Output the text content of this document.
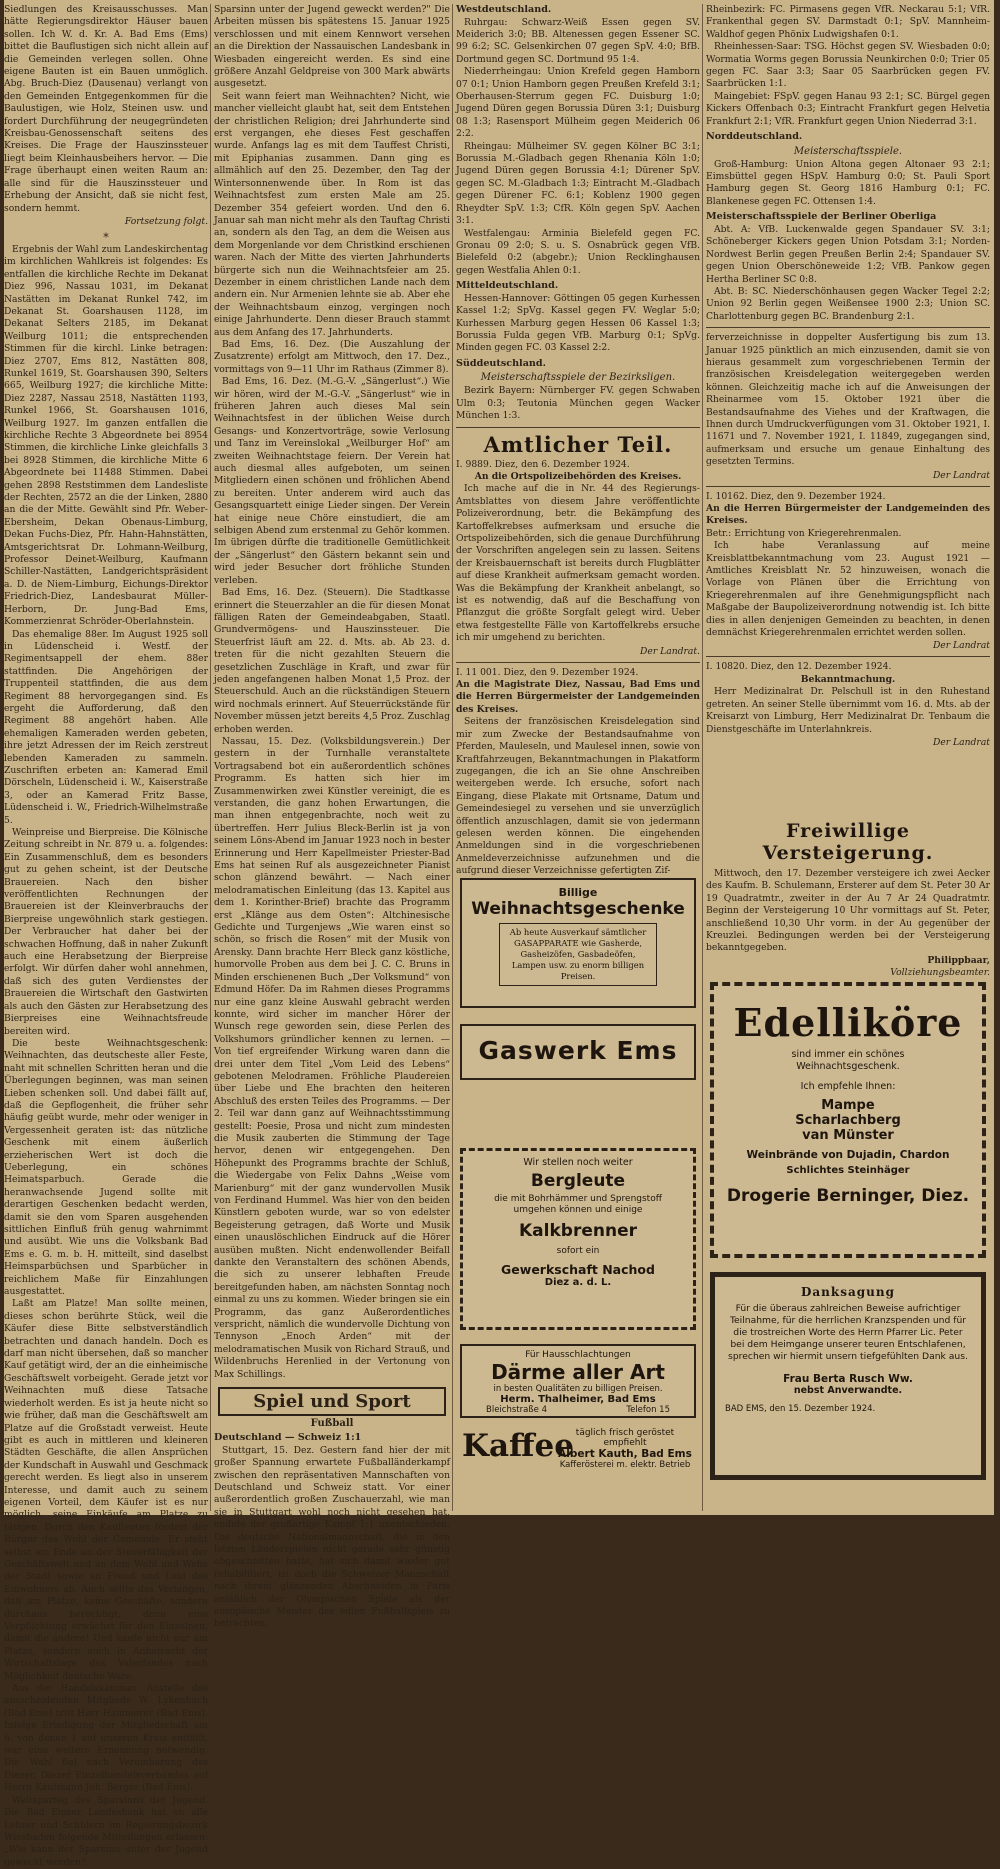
Siedlungen des Kreisausschusses. Man hätte Regierungsdirektor Häuser bauen sollen. Ich W. d. Kr. A. Bad Ems (Ems) bittet die Bauflustigen sich nicht allein auf die Gemeinden verlegen sollen. Ohne eigene Bauten ist ein Bauen unmöglich. Abg. Bruch-Diez (Dausenau) verlangt von den Gemeinden Entgegenkommen für die Baulustigen, wie Holz, Steinen usw. und fordert Durchführung der neugegründeten Kreisbau-Genossenschaft seitens des Kreises. Die Frage der Hauszinssteuer liegt beim Kleinhausbeihers hervor. — Die Frage überhaupt einen weiten Raum an: alle sind für die Hauszinssteuer und Erhebung der Ansicht, daß sie nicht fest, sondern hemmt.

Fortsetzung folgt.
*

Ergebnis der Wahl zum Landeskirchentag im kirchlichen Wahlkreis ist folgendes: Es entfallen die kirchliche Rechte im Dekanat Diez 996, Nassau 1031, im Dekanat Nastätten im Dekanat Runkel 742, im Dekanat St. Goarshausen 1128, im Dekanat Selters 2185, im Dekanat Weilburg 1011; die entsprechenden Stimmen für die kirchl. Linke betragen: Diez 2707, Ems 812, Nastätten 808, Runkel 1619, St. Goarshausen 390, Selters 665, Weilburg 1927; die kirchliche Mitte: Diez 2287, Nassau 2518, Nastätten 1193, Runkel 1966, St. Goarshausen 1016, Weilburg 1927. Im ganzen entfallen die kirchliche Rechte 3 Abgeordnete bei 8954 Stimmen, die kirchliche Linke gleichfalls 3 bei 8928 Stimmen, die kirchliche Mitte 6 Abgeordnete bei 11488 Stimmen. Dabei gehen 2898 Reststimmen dem Landesliste der Rechten, 2572 an die der Linken, 2880 an die der Mitte. Gewählt sind Pfr. Weber-Ebersheim, Dekan Obenaus-Limburg, Dekan Fuchs-Diez, Pfr. Hahn-Hahnstätten, Amtsgerichtsrat Dr. Lohmann-Weilburg, Professor Deinet-Weilburg, Kaufmann Schiller-Nastätten, Landgerichtspräsident a. D. de Niem-Limburg, Eichungs-Direktor Friedrich-Diez, Landesbaurat Müller-Herborn, Dr. Jung-Bad Ems, Kommerzienrat Schröder-Oberlahnstein.

Das ehemalige 88er. Im August 1925 soll in Lüdenscheid i. Westf. der Regimentsappell der ehem. 88er stattfinden. Die Angehörigen der Truppenteil stattfinden, die aus dem Regiment 88 hervorgegangen sind. Es ergeht die Aufforderung, daß den Regiment 88 angehört haben. Alle ehemaligen Kameraden werden gebeten, ihre jetzt Adressen der im Reich zerstreut lebenden Kameraden zu sammeln. Zuschriften erbeten an: Kamerad Emil Dörscheln, Lüdenscheid i. W., Kaiserstraße 3, oder an Kamerad Fritz Basse, Lüdenscheid i. W., Friedrich-Wilhelmstraße 5.

Weinpreise und Bierpreise. Die Kölnische Zeitung schreibt in Nr. 879 u. a. folgendes: Ein Zusammenschluß, dem es besonders gut zu gehen scheint, ist der Deutsche Brauereien. Nach den bisher veröffentlichten Rechnungen der Brauereien ist der Kleinverbrauchs der Bierpreise ungewöhnlich stark gestiegen. Der Verbraucher hat daher bei der schwachen Hoffnung, daß in naher Zukunft auch eine Herabsetzung der Bierpreise erfolgt. Wir dürfen daher wohl annehmen, daß sich des guten Verdienstes der Brauereien die Wirtschaft den Gastwirten als auch den Gästen zur Herabsetzung des Bierpreises eine Weihnachtsfreude bereiten wird.

Die beste Weihnachtsgeschenk: Weihnachten, das deutscheste aller Feste, naht mit schnellen Schritten heran und die Überlegungen beginnen, was man seinen Lieben schenken soll. Und dabei fällt auf, daß die Gepflogenheit, die früher sehr häufig geübt wurde, mehr oder weniger in Vergessenheit geraten ist: das nützliche Geschenk mit einem äußerlich erzieherischen Wert ist doch die Ueberlegung, ein schönes Heimatsparbuch. Gerade die heranwachsende Jugend sollte mit derartigen Geschenken bedacht werden, damit sie den vom Sparen ausgehenden sittlichen Einfluß früh genug wahrnimmt und ausübt. Wie uns die Volksbank Bad Ems e. G. m. b. H. mitteilt, sind daselbst Heimsparbüchsen und Sparbücher in reichlichem Maße für Einzahlungen ausgestattet.

Laßt am Platze! Man sollte meinen, dieses schon berührte Stück, weil die Käufer diese Bitte selbstverständlich betrachten und danach handeln. Doch es darf man nicht übersehen, daß so mancher Kauf getätigt wird, der an die einheimische Geschäftswelt vorbeigeht. Gerade jetzt vor Weihnachten muß diese Tatsache wiederholt werden. Es ist ja heute nicht so wie früher, daß man die Geschäftswelt am Platze auf die Großstadt verweist. Heute gibt es auch in mittleren und kleineren Städten Geschäfte, die allen Ansprüchen der Kundschaft in Auswahl und Geschmack gerecht werden. Es liegt also in unserem Interesse, und damit auch zu seinem eigenen Vorteil, dem Käufer ist es nur möglich, seine Einkäufe am Platze zu tätigen. Durch den Kaufleuten fördert der Bürger das Wohl der Gemeinde. Er steht selbst am Ende an der Steuerfähigkeit der Geschäftswelt und an dem Wohl und Wehe der Stadt sowie an Freud und Leid des Einwohners ab. Auch sollte das Verlangen, daß am Platze, keine Geschäfte, sondern durchaus berechtigt, denn eine Verpflichtung erwächst für den Einzelnen, damit die andere! Und kaufe nicht nur am Platze, sondern auch in Anbetracht der Wirtschaftslage des Vaterlandes nach Möglichkeit deutsche Ware.

Aus der Handelskammer. Anstelle des ausscheidenden Mitglieds W. Lykenbach (Bad Ems) tritt Herr Hammerer (Bad Ems). Infolge Erledigung der Mitgliedschaft am 6. von denen 1 auf unseren Kreis entfällt, war eine weitere Ernennung notwendig. Die Wahl fiel nach Vereinbarung des Diezer, Diezer Einzelhandelsverbandes auf Herrn Kaufmann Joh. Berger (Bad Ems).

Weltspartag des Sparsinns der Jugend. Die Bad Emser Landesbank hat an alle Lehrer und Schülern im Regierungsbezirk Wiesbaden folgende Mitteilungen erlassen: „Wie kann der Sparsinn unter der Jugend geweckt werden?

Sparsinn unter der Jugend geweckt werden?" Die Arbeiten müssen bis spätestens 15. Januar 1925 verschlossen und mit einem Kennwort versehen an die Direktion der Nassauischen Landesbank in Wiesbaden eingereicht werden. Es sind eine größere Anzahl Geldpreise von 300 Mark abwärts ausgesetzt.

Seit wann feiert man Weihnachten? Nicht, wie mancher vielleicht glaubt hat, seit dem Entstehen der christlichen Religion; drei Jahrhunderte sind erst vergangen, ehe dieses Fest geschaffen wurde. Anfangs lag es mit dem Tauffest Christi, mit Epiphanias zusammen. Dann ging es allmählich auf den 25. Dezember, den Tag der Wintersonnenwende über. In Rom ist das Weihnachtsfest zum ersten Male am 25. Dezember 354 gefeiert worden. Und den 6. Januar sah man nicht mehr als den Tauftag Christi an, sondern als den Tag, an dem die Weisen aus dem Morgenlande vor dem Christkind erschienen waren. Nach der Mitte des vierten Jahrhunderts bürgerte sich nun die Weihnachtsfeier am 25. Dezember in einem christlichen Lande nach dem andern ein. Nur Armenien lehnte sie ab. Aber ehe der Weihnachtsbaum einzog, vergingen noch einige Jahrhunderte. Denn dieser Brauch stammt aus dem Anfang des 17. Jahrhunderts.

Bad Ems, 16. Dez. (Die Auszahlung der Zusatzrente) erfolgt am Mittwoch, den 17. Dez., vormittags von 9—11 Uhr im Rathaus (Zimmer 8).

Bad Ems, 16. Dez. (M.-G.-V. „Sängerlust“.) Wie wir hören, wird der M.-G.-V. „Sängerlust“ wie in früheren Jahren auch dieses Mal sein Weihnachtsfest in der üblichen Weise durch Gesangs- und Konzertvorträge, sowie Verlosung und Tanz im Vereinslokal „Weilburger Hof“ am zweiten Weihnachtstage feiern. Der Verein hat auch diesmal alles aufgeboten, um seinen Mitgliedern einen schönen und fröhlichen Abend zu bereiten. Unter anderem wird auch das Gesangsquartett einige Lieder singen. Der Verein hat einige neue Chöre einstudiert, die am selbigen Abend zum erstenmal zu Gehör kommen. Im übrigen dürfte die traditionelle Gemütlichkeit der „Sängerlust“ den Gästern bekannt sein und wird jeder Besucher dort fröhliche Stunden verleben.

Bad Ems, 16. Dez. (Steuern). Die Stadtkasse erinnert die Steuerzahler an die für diesen Monat fälligen Raten der Gemeindeabgaben, Staatl. Grundvermögens- und Hauszinssteuer. Die Steuerfrist läuft am 22. d. Mts. ab. Ab 23. d. treten für die nicht gezahlten Steuern die gesetzlichen Zuschläge in Kraft, und zwar für jeden angefangenen halben Monat 1,5 Proz. der Steuerschuld. Auch an die rückständigen Steuern wird nochmals erinnert. Auf Steuerrückstände für November müssen jetzt bereits 4,5 Proz. Zuschlag erhoben werden.

Nassau, 15. Dez. (Volksbildungsverein.) Der gestern in der Turnhalle veranstaltete Vortragsabend bot ein außerordentlich schönes Programm. Es hatten sich hier im Zusammenwirken zwei Künstler vereinigt, die es verstanden, die ganz hohen Erwartungen, die man ihnen entgegenbrachte, noch weit zu übertreffen. Herr Julius Bleck-Berlin ist ja von seinem Löns-Abend im Januar 1923 noch in bester Erinnerung und Herr Kapellmeister Priester-Bad Ems hat seinen Ruf als ausgezeichneter Pianist schon glänzend bewährt. — Nach einer melodramatischen Einleitung (das 13. Kapitel aus dem 1. Korinther-Brief) brachte das Programm erst „Klänge aus dem Osten“: Altchinesische Gedichte und Turgenjews „Wie waren einst so schön, so frisch die Rosen“ mit der Musik von Arensky. Dann brachte Herr Bleck ganz köstliche, humorvolle Proben aus dem bei J. C. C. Bruns in Minden erschienenen Buch „Der Volksmund“ von Edmund Höfer. Da im Rahmen dieses Programms nur eine ganz kleine Auswahl gebracht werden konnte, wird sicher im mancher Hörer der Wunsch rege geworden sein, diese Perlen des Volkshumors gründlicher kennen zu lernen. — Von tief ergreifender Wirkung waren dann die drei unter dem Titel „Vom Leid des Lebens“ gebotenen Melodramen. Fröhliche Plaudereien über Liebe und Ehe brachten den heiteren Abschluß des ersten Teiles des Programms. — Der 2. Teil war dann ganz auf Weihnachtsstimmung gestellt: Poesie, Prosa und nicht zum mindesten die Musik zauberten die Stimmung der Tage hervor, denen wir entgegengehen. Den Höhepunkt des Programms brachte der Schluß, die Wiedergabe von Felix Dahns „Weise vom Marienburg“ mit der ganz wundervollen Musik von Ferdinand Hummel. Was hier von den beiden Künstlern geboten wurde, war so von edelster Begeisterung getragen, daß Worte und Musik einen unauslöschlichen Eindruck auf die Hörer ausüben mußten. Nicht endenwollender Beifall dankte den Veranstaltern des schönen Abends, die sich zu unserer lebhaften Freude bereitgefunden haben, am nächsten Sonntag noch einmal zu uns zu kommen. Wieder bringen sie ein Programm, das ganz Außerordentliches verspricht, nämlich die wundervolle Dichtung von Tennyson „Enoch Arden“ mit der melodramatischen Musik von Richard Strauß, und Wildenbruchs Herenlied in der Vertonung von Max Schillings.

Spiel und Sport
Fußball
Deutschland — Schweiz 1:1

Stuttgart, 15. Dez. Gestern fand hier der mit großer Spannung erwartete Fußballänderkampf zwischen den repräsentativen Mannschaften von Deutschland und Schweiz statt. Vor einer außerordentlich großen Zuschauerzahl, wie man sie in Stuttgart wohl noch nicht gesehen hat, endete der großartige Kampf 1:1 unentschieden. Die deutsche Nationalmannschaft, die in den letzten Länderspielen nicht gerade sehr günstig abgeschnitten hatte, hat sich damit wieder gut rehabilitiert, ist doch die Schweizer Mannschaft nach ihrem glänzenden Abschneiden in Paris anläßlich der Olympischen Spiele als der europäische Meister des edlen Fußballspiels zu betrachten.

Westdeutschland.

Ruhrgau: Schwarz-Weiß Essen gegen SV. Meiderich 3:0; BB. Altenessen gegen Essener SC. 99 6:2; SC. Gelsenkirchen 07 gegen SpV. 4:0; BfB. Dortmund gegen SC. Dortmund 95 1:4.

Niederrheingau: Union Krefeld gegen Hamborn 07 0:1; Union Hamborn gegen Preußen Krefeld 3:1; Oberhausen-Sterrum gegen FC. Duisburg 1:0; Jugend Düren gegen Borussia Düren 3:1; Duisburg 08 1:3; Rasensport Mülheim gegen Meiderich 06 2:2.

Rheingau: Mülheimer SV. gegen Kölner BC 3:1; Borussia M.-Gladbach gegen Rhenania Köln 1:0; Jugend Düren gegen Borussia 4:1; Dürener SpV. gegen SC. M.-Gladbach 1:3; Eintracht M.-Gladbach gegen Dürener FC. 6:1; Koblenz 1900 gegen Rheydter SpV. 1:3; CfR. Köln gegen SpV. Aachen 3:1.

Westfalengau: Arminia Bielefeld gegen FC. Gronau 09 2:0; S. u. S. Osnabrück gegen VfB. Bielefeld 0:2 (abgebr.); Union Recklinghausen gegen Westfalia Ahlen 0:1.

Mitteldeutschland.

Hessen-Hannover: Göttingen 05 gegen Kurhessen Kassel 1:2; SpVg. Kassel gegen FV. Weglar 5:0; Kurhessen Marburg gegen Hessen 06 Kassel 1:3; Borussia Fulda gegen VfB. Marburg 0:1; SpVg. Minden gegen FC. 03 Kassel 2:2.

Süddeutschland.
Meisterschaftsspiele der Bezirksligen.

Bezirk Bayern: Nürnberger FV. gegen Schwaben Ulm 0:3; Teutonia München gegen Wacker München 1:3.

Amtlicher Teil.
I. 9889. Diez, den 6. Dezember 1924.
An die Ortspolizeibehörden des Kreises.

Ich mache auf die in Nr. 44 des Regierungs-Amtsblattes von diesem Jahre veröffentlichte Polizeiverordnung, betr. die Bekämpfung des Kartoffelkrebses aufmerksam und ersuche die Ortspolizeibehörden, sich die genaue Durchführung der Vorschriften angelegen sein zu lassen. Seitens der Kreisbauernschaft ist bereits durch Flugblätter auf diese Krankheit aufmerksam gemacht worden. Was die Bekämpfung der Krankheit anbelangt, so ist es notwendig, daß auf die Beschaffung von Pflanzgut die größte Sorgfalt gelegt wird. Ueber etwa festgestellte Fälle von Kartoffelkrebs ersuche ich mir umgehend zu berichten.

Der Landrat.
I. 11 001. Diez, den 9. Dezember 1924.
An die Magistrate Diez, Nassau, Bad Ems und die Herren Bürgermeister der Landgemeinden des Kreises.

Seitens der französischen Kreisdelegation sind mir zum Zwecke der Bestandsaufnahme von Pferden, Mauleseln, und Maulesel innen, sowie von Kraftfahrzeugen, Bekanntmachungen in Plakatform zugegangen, die ich an Sie ohne Anschreiben weitergeben werde. Ich ersuche, sofort nach Eingang, diese Plakate mit Ortsname, Datum und Gemeindesiegel zu versehen und sie unverzüglich öffentlich anzuschlagen, damit sie von jedermann gelesen werden können. Die eingehenden Anmeldungen sind in die vorgeschriebenen Anmeldeverzeichnisse aufzunehmen und die aufgrund dieser Verzeichnisse gefertigten Zif-

Billige
Weihnachtsgeschenke
Ab heute Ausverkauf sämtlicher GASAPPARATE wie Gasherde, Gasheizöfen, Gasbadeöfen, Lampen usw. zu enorm billigen Preisen.
Gaswerk Ems
Wir stellen noch weiter
Bergleute
die mit Bohrhämmer und Sprengstoff umgehen können und einige
Kalkbrenner
sofort ein
Gewerkschaft Nachod
Diez a. d. L.
Für Hausschlachtungen
Därme aller Art
in besten Qualitäten zu billigen Preisen.
Herm. Thalheimer, Bad Ems
Bleichstraße 4	Telefon 15
Kaffee täglich frisch geröstet empfiehlt
Albert Kauth, Bad Ems
Kafferösterei m. elektr. Betrieb

Rheinbezirk: FC. Pirmasens gegen VfR. Neckarau 5:1; VfR. Frankenthal gegen SV. Darmstadt 0:1; SpV. Mannheim-Waldhof gegen Phönix Ludwigshafen 0:1.

Rheinhessen-Saar: TSG. Höchst gegen SV. Wiesbaden 0:0; Wormatia Worms gegen Borussia Neunkirchen 0:0; Trier 05 gegen FC. Saar 3:3; Saar 05 Saarbrücken gegen FV. Saarbrücken 1:1.

Maingebiet: FSpV. gegen Hanau 93 2:1; SC. Bürgel gegen Kickers Offenbach 0:3; Eintracht Frankfurt gegen Helvetia Frankfurt 2:1; VfR. Frankfurt gegen Union Niederrad 3:1.

Norddeutschland.
Meisterschaftsspiele.

Groß-Hamburg: Union Altona gegen Altonaer 93 2:1; Eimsbüttel gegen HSpV. Hamburg 0:0; St. Pauli Sport Hamburg gegen St. Georg 1816 Hamburg 0:1; FC. Blankenese gegen FC. Ottensen 1:4.

Meisterschaftsspiele der Berliner Oberliga

Abt. A: VfB. Luckenwalde gegen Spandauer SV. 3:1; Schöneberger Kickers gegen Union Potsdam 3:1; Norden-Nordwest Berlin gegen Preußen Berlin 2:4; Spandauer SV. gegen Union Oberschöneweide 1:2; VfB. Pankow gegen Hertha Berliner SC 0:8.

Abt. B: SC. Niederschönhausen gegen Wacker Tegel 2:2; Union 92 Berlin gegen Weißensee 1900 2:3; Union SC. Charlottenburg gegen BC. Brandenburg 2:1.

ferverzeichnisse in doppelter Ausfertigung bis zum 13. Januar 1925 pünktlich an mich einzusenden, damit sie von hieraus gesammelt zum vorgeschriebenen Termin der französischen Kreisdelegation weitergegeben werden können. Gleichzeitig mache ich auf die Anweisungen der Rheinarmee vom 15. Oktober 1921 über die Bestandsaufnahme des Viehes und der Kraftwagen, die Ihnen durch Umdruckverfügungen vom 31. Oktober 1921, I. 11671 und 7. November 1921, I. 11849, zugegangen sind, aufmerksam und ersuche um genaue Einhaltung des gesetzten Termins.

Der Landrat
I. 10162. Diez, den 9. Dezember 1924.
An die Herren Bürgermeister der Landgemeinden des Kreises.
Betr.: Errichtung von Kriegerehrenmalen.

Ich habe Veranlassung auf meine Kreisblattbekanntmachung vom 23. August 1921 — Amtliches Kreisblatt Nr. 52 hinzuweisen, wonach die Vorlage von Plänen über die Errichtung von Kriegerehrenmalen auf ihre Genehmigungspflicht nach Maßgabe der Baupolizeiverordnung notwendig ist. Ich bitte dies in allen denjenigen Gemeinden zu beachten, in denen demnächst Kriegerehrenmalen errichtet werden sollen.

Der Landrat
I. 10820. Diez, den 12. Dezember 1924.
Bekanntmachung.

Herr Medizinalrat Dr. Pelschull ist in den Ruhestand getreten. An seiner Stelle übernimmt vom 16. d. Mts. ab der Kreisarzt von Limburg, Herr Medizinalrat Dr. Tenbaum die Dienstgeschäfte im Unterlahnkreis.

Der Landrat
Freiwillige Versteigerung.

Mittwoch, den 17. Dezember versteigere ich zwei Aecker des Kaufm. B. Schulemann, Ersterer auf dem St. Peter 30 Ar 19 Quadratmtr., zweiter in der Au 7 Ar 24 Quadratmtr. Beginn der Versteigerung 10 Uhr vormittags auf St. Peter, anschließend 10,30 Uhr vorm. in der Au gegenüber der Kreuzlei. Bedingungen werden bei der Versteigerung bekanntgegeben.

Philippbaar,
Vollziehungsbeamter.
Edelliköre
sind immer ein schönes Weihnachtsgeschenk.
Ich empfehle Ihnen:
Mampe
Scharlachberg
van Münster
Weinbrände von Dujadin, Chardon
Schlichtes Steinhäger
Drogerie Berninger, Diez.
Danksagung
Für die überaus zahlreichen Beweise aufrichtiger Teilnahme, für die herrlichen Kranzspenden und für die trostreichen Worte des Herrn Pfarrer Lic. Peter bei dem Heimgange unserer teuren Entschlafenen, sprechen wir hiermit unsern tiefgefühlten Dank aus.
Frau Berta Rusch Ww.
nebst Anverwandte.
BAD EMS, den 15. Dezember 1924.
